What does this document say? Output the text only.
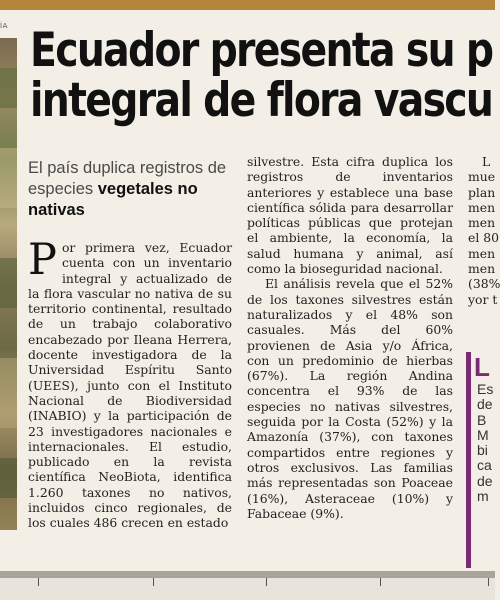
ÍA Ecuador presenta su p
integral de flora vascu
El país duplica registros de especies vegetales no nativas
P or primera vez, Ecuador cuenta con un inventario integral y actualizado de la flora vascular no nativa de su territorio continental, resultado de un trabajo colaborativo encabezado por Ileana Herrera, docente investigadora de la Universidad Espíritu Santo (UEES), junto con el Instituto Nacional de Biodiversidad (INABIO) y la participación de 23 investigadores nacionales e internacionales. El estudio, publicado en la revista científica NeoBiota, identifica 1.260 taxones no nativos, incluidos cinco regionales, de los cuales 486 crecen en estado

silvestre. Esta cifra duplica los registros de inventarios anteriores y establece una base científica sólida para desarrollar políticas públicas que protejan el ambiente, la economía, la salud humana y animal, así como la bioseguridad nacional.

El análisis revela que el 52% de los taxones silvestres están naturalizados y el 48% son casuales. Más del 60% provienen de Asia y/o África, con un predominio de hierbas (67%). La región Andina concentra el 93% de las especies no nativas silvestres, seguida por la Costa (52%) y la Amazonía (37%), con taxones compartidos entre regiones y otros exclusivos. Las familias más representadas son Poaceae (16%), Asteraceae (10%) y Fabaceae (9%).

L

mue

plan

men

men

el 80

men

men

(38%

yor t

L
Es
de
B
M
bi
ca
de
m
